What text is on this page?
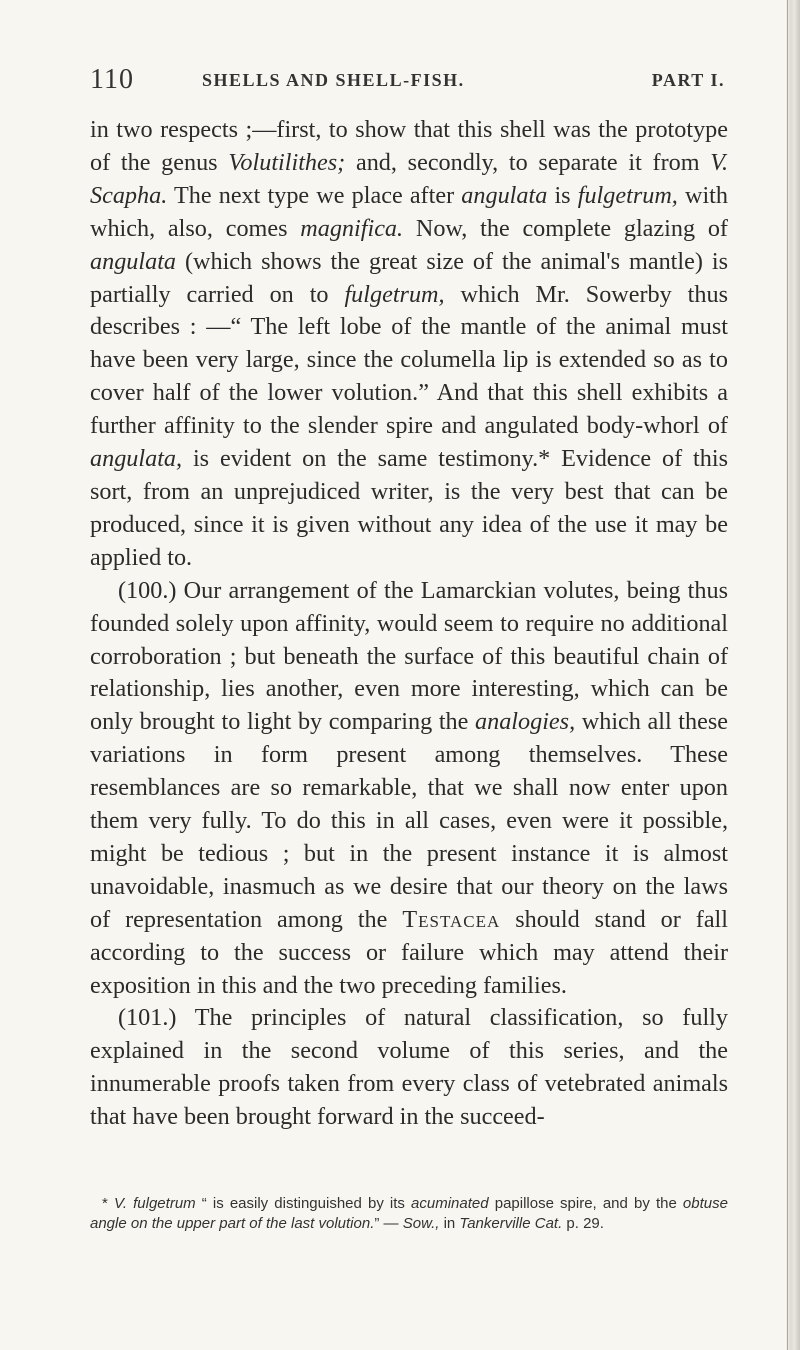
110	SHELLS AND SHELL-FISH.	PART I.

in two respects ;—first, to show that this shell was the prototype of the genus Volutilithes; and, secondly, to separate it from V. Scapha. The next type we place after angulata is fulgetrum, with which, also, comes magnifica. Now, the complete glazing of angulata (which shows the great size of the animal's mantle) is partially carried on to fulgetrum, which Mr. Sowerby thus describes : —“ The left lobe of the mantle of the animal must have been very large, since the columella lip is extended so as to cover half of the lower volution.” And that this shell exhibits a further affinity to the slender spire and angulated body-whorl of angulata, is evident on the same testimony.* Evidence of this sort, from an unprejudiced writer, is the very best that can be produced, since it is given without any idea of the use it may be applied to.

(100.) Our arrangement of the Lamarckian volutes, being thus founded solely upon affinity, would seem to require no additional corroboration ; but beneath the surface of this beautiful chain of relationship, lies another, even more interesting, which can be only brought to light by comparing the analogies, which all these variations in form present among themselves. These resemblances are so remarkable, that we shall now enter upon them very fully. To do this in all cases, even were it possible, might be tedious ; but in the present instance it is almost unavoidable, inasmuch as we desire that our theory on the laws of representation among the Testacea should stand or fall according to the success or failure which may attend their exposition in this and the two preceding families.

(101.) The principles of natural classification, so fully explained in the second volume of this series, and the innumerable proofs taken from every class of vetebrated animals that have been brought forward in the succeed-

* V. fulgetrum “ is easily distinguished by its acuminated papillose spire, and by the obtuse angle on the upper part of the last volution.” — Sow., in Tankerville Cat. p. 29.
